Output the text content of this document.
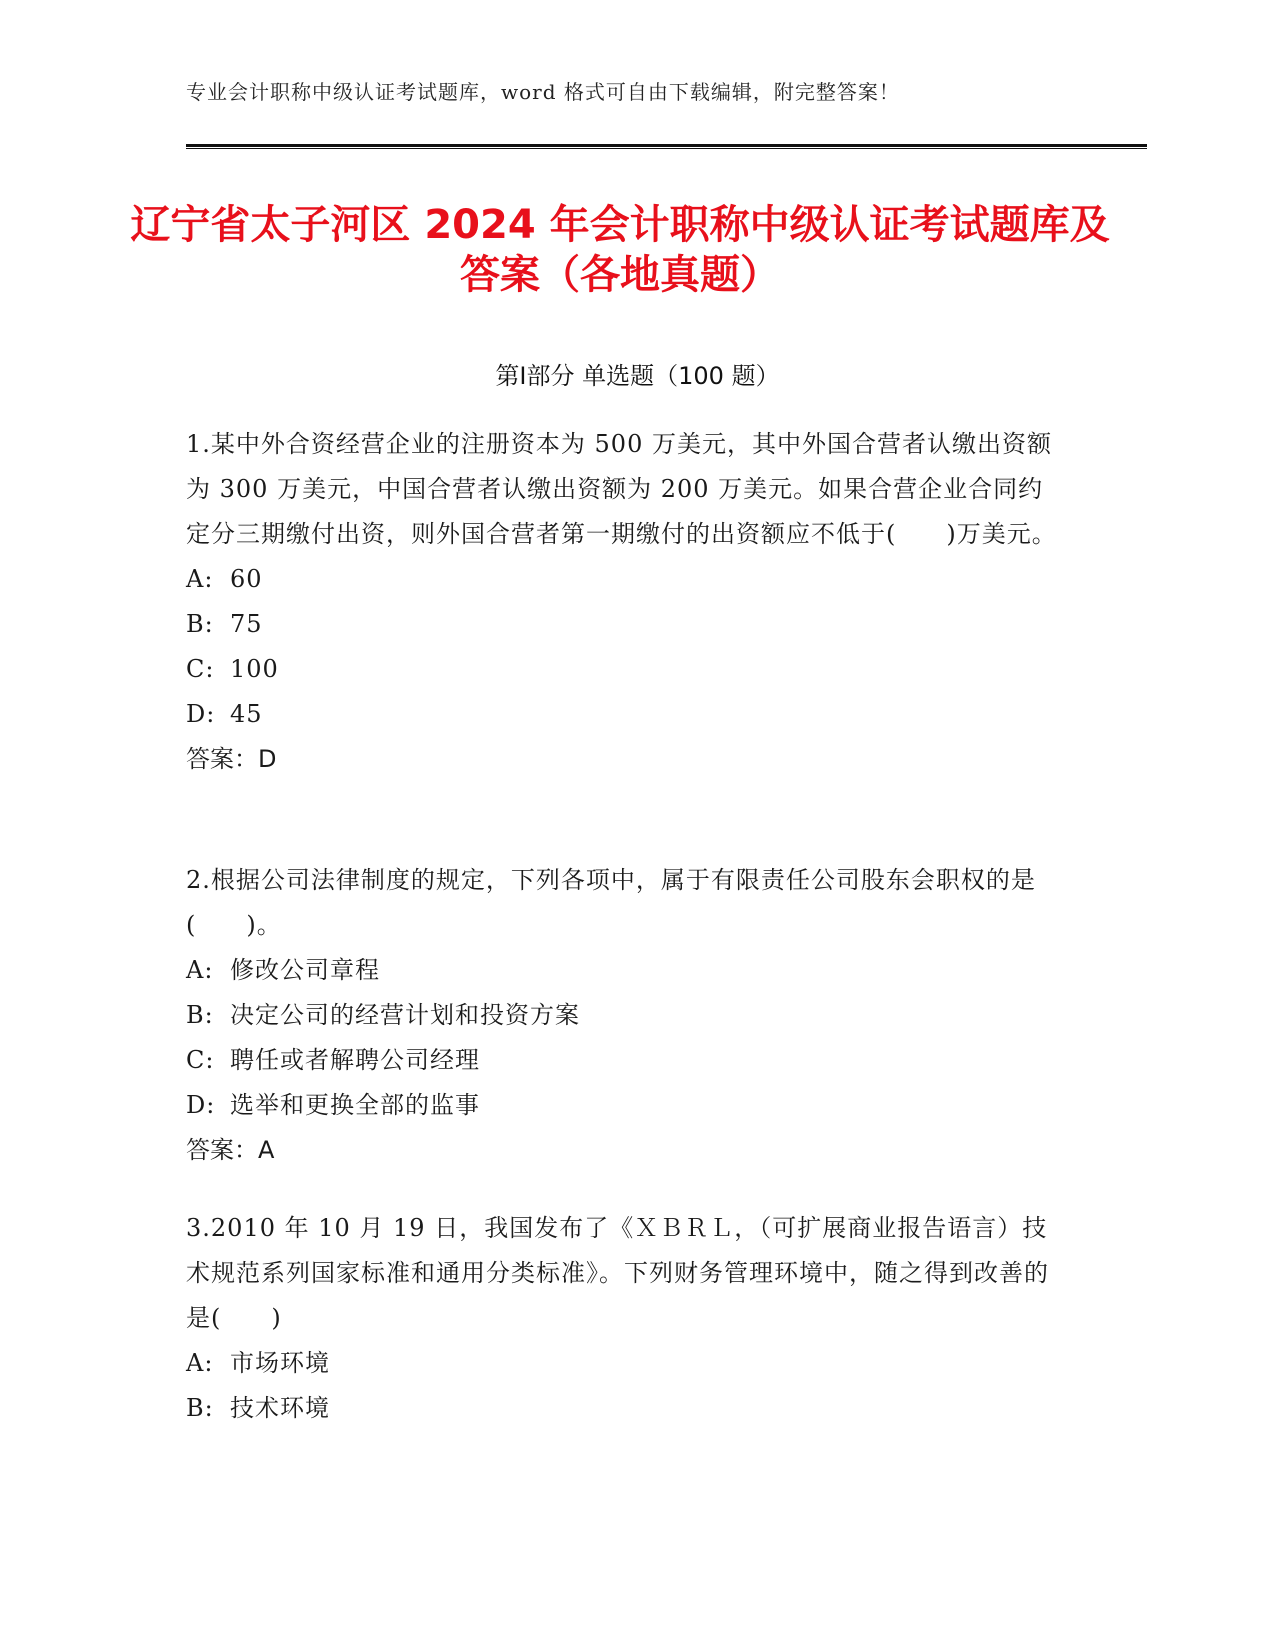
专业会计职称中级认证考试题库，word 格式可自由下载编辑，附完整答案！
辽宁省太子河区 2024 年会计职称中级认证考试题库及答案（各地真题）
第Ⅰ部分 单选题（100 题）

1.某中外合资经营企业的注册资本为 500 万美元，其中外国合营者认缴出资额为 300 万美元，中国合营者认缴出资额为 200 万美元。如果合营企业合同约定分三期缴付出资，则外国合营者第一期缴付的出资额应不低于(　　)万美元。

A: 60

B: 75

C: 100

D: 45

答案：D

2.根据公司法律制度的规定，下列各项中，属于有限责任公司股东会职权的是(　　)。

A: 修改公司章程

B: 决定公司的经营计划和投资方案

C: 聘任或者解聘公司经理

D: 选举和更换全部的监事

答案：A

3.2010 年 10 月 19 日，我国发布了《ＸＢＲＬ，（可扩展商业报告语言）技术规范系列国家标准和通用分类标准》。下列财务管理环境中，随之得到改善的是(　　)

A: 市场环境

B: 技术环境
